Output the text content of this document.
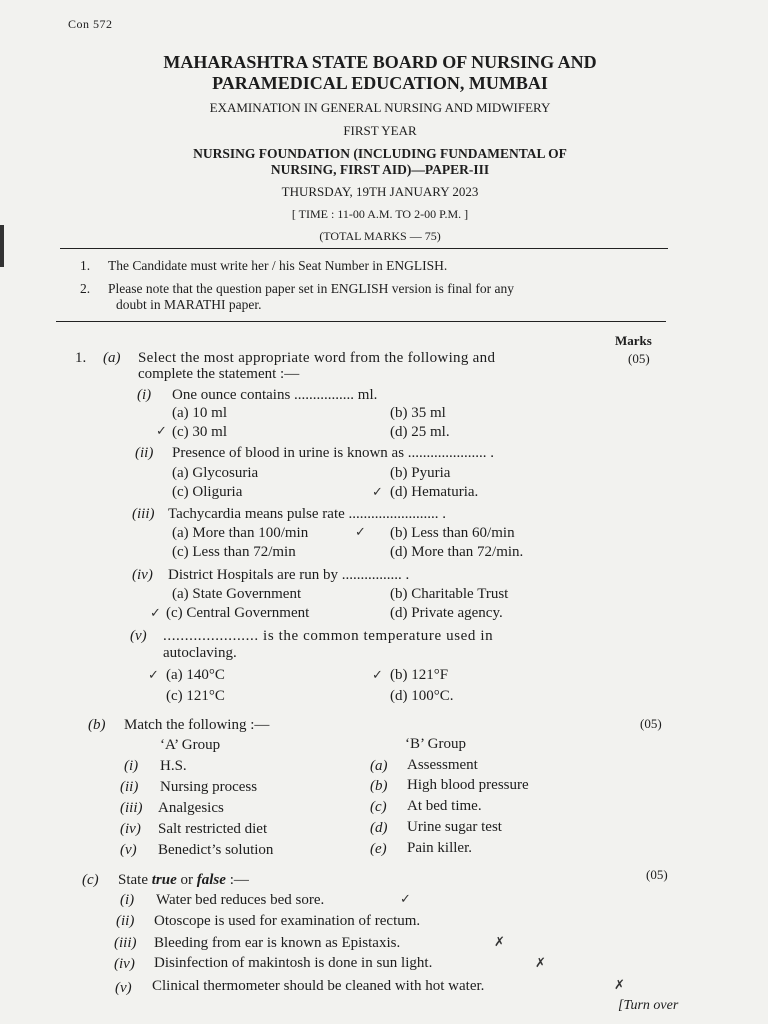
Con 572
MAHARASHTRA STATE BOARD OF NURSING AND
PARAMEDICAL EDUCATION, MUMBAI
EXAMINATION IN GENERAL NURSING AND MIDWIFERY
FIRST YEAR
NURSING FOUNDATION (INCLUDING FUNDAMENTAL OF
NURSING, FIRST AID)—PAPER-III
THURSDAY, 19TH JANUARY 2023
[ TIME : 11-00 A.M. TO 2-00 P.M. ]
(TOTAL MARKS — 75)
1. The Candidate must write her / his Seat Number in ENGLISH.
2. Please note that the question paper set in ENGLISH version is final for any
doubt in MARATHI paper.
Marks
1. (a) Select the most appropriate word from the following and
complete the statement :—
(05)
(i) One ounce contains ................ ml.
(a) 10 ml	(b) 35 ml
(c) 30 ml	(d) 25 ml.
✓
(ii) Presence of blood in urine is known as ..................... .
(a) Glycosuria	(b) Pyuria
(c) Oliguria	(d) Hematuria.
✓
(iii) Tachycardia means pulse rate ........................ .
(a) More than 100/min	(b) Less than 60/min
(c) Less than 72/min	(d) More than 72/min.
✓
(iv) District Hospitals are run by ................ .
(a) State Government	(b) Charitable Trust
(c) Central Government	(d) Private agency.
✓
(v) ...................... is the common temperature used in
autoclaving.
(a) 140°C	(b) 121°F
(c) 121°C	(d) 100°C.
✓	✓
(b) Match the following :—	(05)
‘A’ Group	‘B’ Group
(i) H.S.	(a) Assessment
(ii) Nursing process	(b) High blood pressure
(iii) Analgesics	(c) At bed time.
(iv) Salt restricted diet	(d) Urine sugar test
(v) Benedict’s solution	(e) Pain killer.
(c) State true or false :—	(05)
(i) Water bed reduces bed sore.
(ii) Otoscope is used for examination of rectum.
(iii) Bleeding from ear is known as Epistaxis.
(iv) Disinfection of makintosh is done in sun light.
(v) Clinical thermometer should be cleaned with hot water.
✓
✗
✗
✗
[Turn over
